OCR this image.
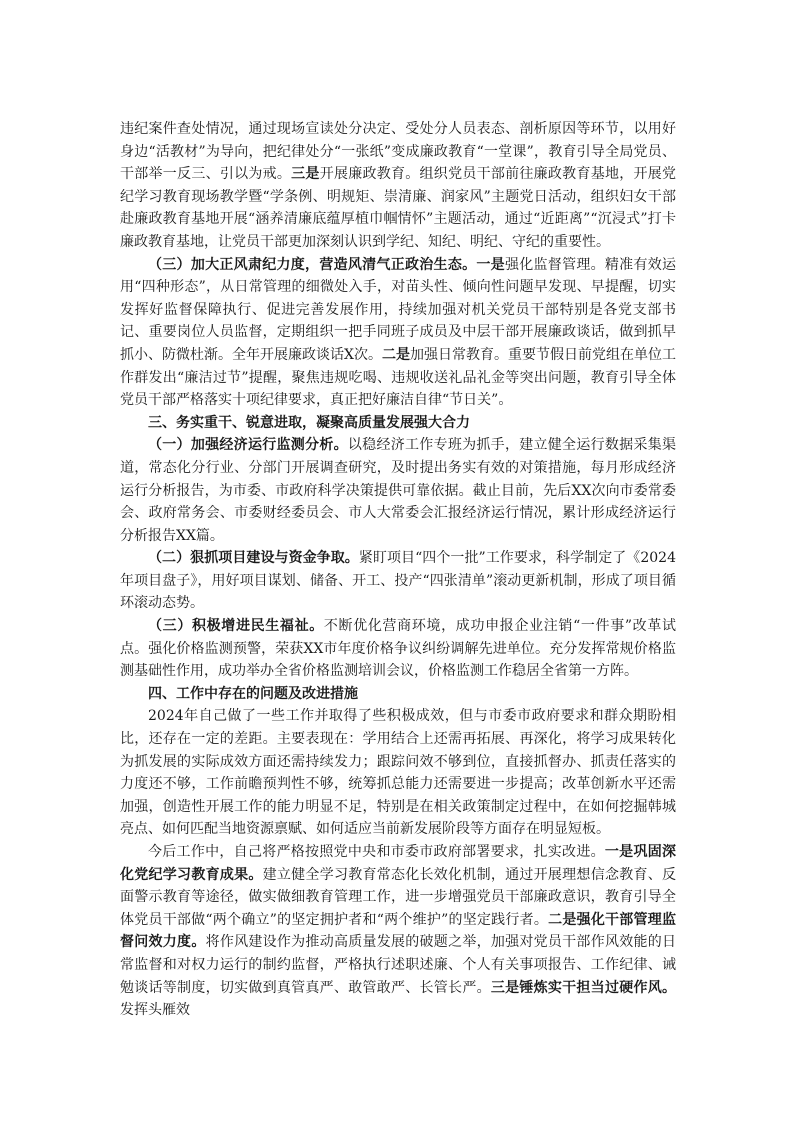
违纪案件查处情况，通过现场宣读处分决定、受处分人员表态、剖析原因等环节，以用好身边“活教材”为导向，把纪律处分“一张纸”变成廉政教育“一堂课”，教育引导全局党员、干部举一反三、引以为戒。三是开展廉政教育。组织党员干部前往廉政教育基地，开展党纪学习教育现场教学暨“学条例、明规矩、崇清廉、润家风”主题党日活动，组织妇女干部赴廉政教育基地开展“涵养清廉底蕴厚植巾帼情怀”主题活动，通过“近距离”“沉浸式”打卡廉政教育基地，让党员干部更加深刻认识到学纪、知纪、明纪、守纪的重要性。

（三）加大正风肃纪力度，营造风清气正政治生态。一是强化监督管理。精准有效运用“四种形态”，从日常管理的细微处入手，对苗头性、倾向性问题早发现、早提醒，切实发挥好监督保障执行、促进完善发展作用，持续加强对机关党员干部特别是各党支部书记、重要岗位人员监督，定期组织一把手同班子成员及中层干部开展廉政谈话，做到抓早抓小、防微杜渐。全年开展廉政谈话X次。二是加强日常教育。重要节假日前党组在单位工作群发出“廉洁过节”提醒，聚焦违规吃喝、违规收送礼品礼金等突出问题，教育引导全体党员干部严格落实十项纪律要求，真正把好廉洁自律“节日关”。

三、务实重干、锐意进取，凝聚高质量发展强大合力

（一）加强经济运行监测分析。以稳经济工作专班为抓手，建立健全运行数据采集渠道，常态化分行业、分部门开展调查研究，及时提出务实有效的对策措施，每月形成经济运行分析报告，为市委、市政府科学决策提供可靠依据。截止目前，先后XX次向市委常委会、政府常务会、市委财经委员会、市人大常委会汇报经济运行情况，累计形成经济运行分析报告XX篇。

（二）狠抓项目建设与资金争取。紧盯项目“四个一批”工作要求，科学制定了《2024年项目盘子》，用好项目谋划、储备、开工、投产“四张清单”滚动更新机制，形成了项目循环滚动态势。

（三）积极增进民生福祉。不断优化营商环境，成功申报企业注销“一件事”改革试点。强化价格监测预警，荣获XX市年度价格争议纠纷调解先进单位。充分发挥常规价格监测基础性作用，成功举办全省价格监测培训会议，价格监测工作稳居全省第一方阵。

四、工作中存在的问题及改进措施

2024年自己做了一些工作并取得了些积极成效，但与市委市政府要求和群众期盼相比，还存在一定的差距。主要表现在：学用结合上还需再拓展、再深化，将学习成果转化为抓发展的实际成效方面还需持续发力；跟踪问效不够到位，直接抓督办、抓责任落实的力度还不够，工作前瞻预判性不够，统筹抓总能力还需要进一步提高；改革创新水平还需加强，创造性开展工作的能力明显不足，特别是在相关政策制定过程中，在如何挖掘韩城亮点、如何匹配当地资源禀赋、如何适应当前新发展阶段等方面存在明显短板。

今后工作中，自己将严格按照党中央和市委市政府部署要求，扎实改进。一是巩固深化党纪学习教育成果。建立健全学习教育常态化长效化机制，通过开展理想信念教育、反面警示教育等途径，做实做细教育管理工作，进一步增强党员干部廉政意识，教育引导全体党员干部做“两个确立”的坚定拥护者和“两个维护”的坚定践行者。二是强化干部管理监督问效力度。将作风建设作为推动高质量发展的破题之举，加强对党员干部作风效能的日常监督和对权力运行的制约监督，严格执行述职述廉、个人有关事项报告、工作纪律、诫勉谈话等制度，切实做到真管真严、敢管敢严、长管长严。三是锤炼实干担当过硬作风。发挥头雁效
